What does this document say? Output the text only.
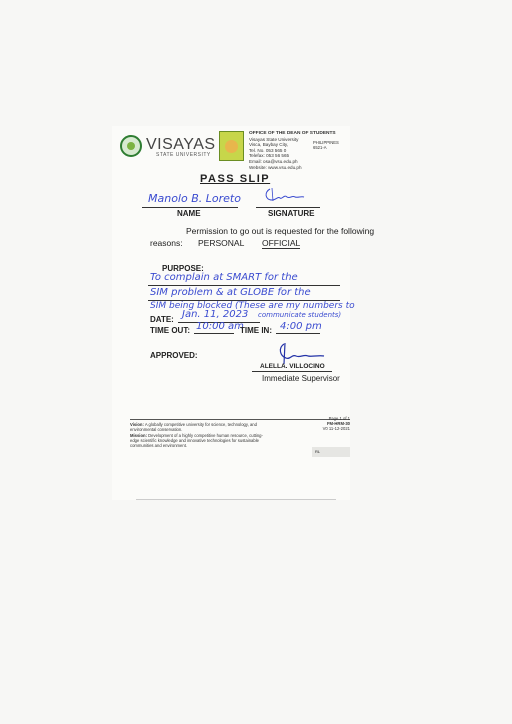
VISAYAS
STATE UNIVERSITY
OFFICE OF THE DEAN OF STUDENTS
Visayas State University
Visca, Baybay City,
Tel. No. 053 565 0
Telefax: 053 56 565
Email: osa@vsu.edu.ph
Website: www.vsu.edu.ph
PHILIPPINES
6521-A
PASS SLIP
Manolo B. Loreto
NAME	SIGNATURE
Permission to go out is requested for the following
reasons: PERSONAL OFFICIAL
PURPOSE:
To complain at SMART for the
SIM problem & at GLOBE for the
SIM being blocked (These are my numbers to
communicate students)
DATE: Jan. 11, 2023
TIME OUT: 10:00 am
TIME IN: 4:00 pm
APPROVED:
ALELLA. VILLOCINO
Immediate Supervisor
Vision: A globally competitive university for science, technology, and environmental conservation.
Mission: Development of a highly competitive human resource, cutting-edge scientific knowledge and innovative technologies for sustainable communities and environment.
Page 1 of 1
FM-HRM-30
V0 11-12-2021
RL
